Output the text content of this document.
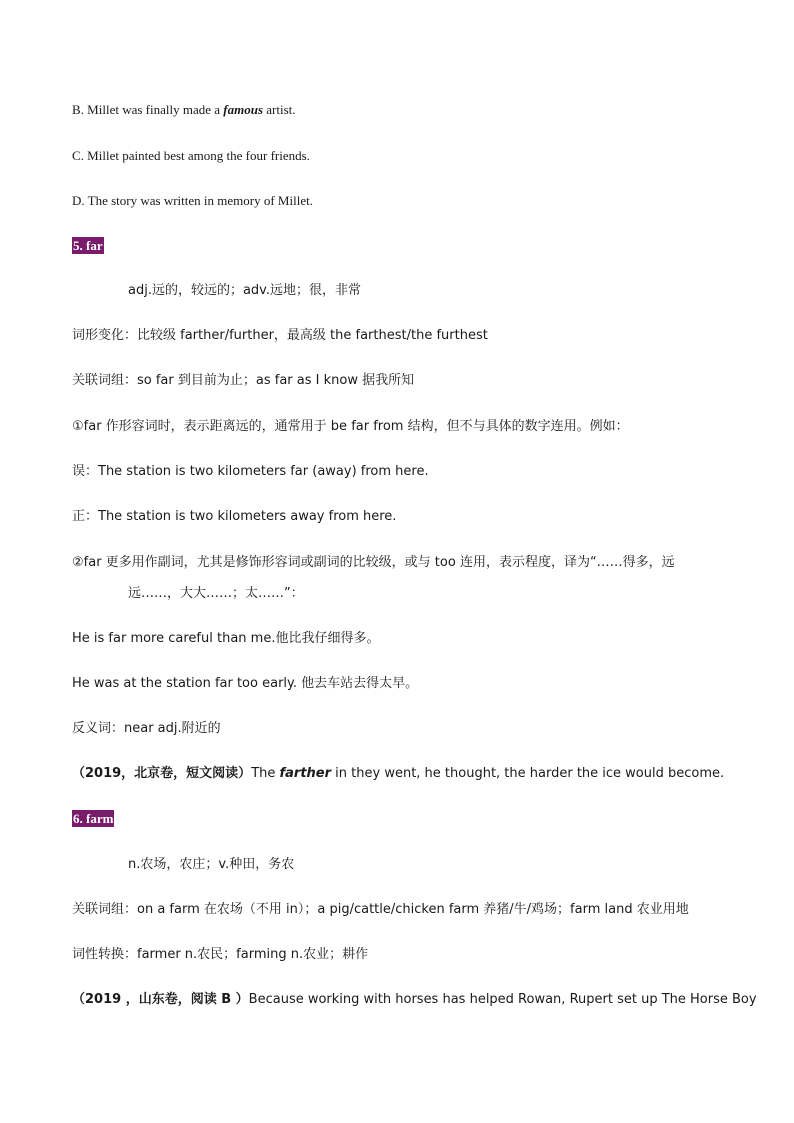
B. Millet was finally made a famous artist.
C. Millet painted best among the four friends.
D. The story was written in memory of Millet.
5. far
adj.远的，较远的；adv.远地；很，非常
词形变化：比较级 farther/further，最高级 the farthest/the furthest
关联词组：so far 到目前为止；as far as I know 据我所知
①far 作形容词时，表示距离远的，通常用于 be far from 结构，但不与具体的数字连用。例如：
误：The station is two kilometers far (away) from here.
正：The station is two kilometers away from here.
②far 更多用作副词，尤其是修饰形容词或副词的比较级，或与 too 连用，表示程度，译为“……得多，远
远……，大大……；太……”：
He is far more careful than me.他比我仔细得多。
He was at the station far too early. 他去车站去得太早。
反义词：near adj.附近的
（2019，北京卷，短文阅读）The farther in they went, he thought, the harder the ice would become.
6. farm
n.农场，农庄；v.种田，务农
关联词组：on a farm 在农场（不用 in）；a pig/cattle/chicken farm 养猪/牛/鸡场；farm land 农业用地
词性转换：farmer n.农民；farming n.农业；耕作
（2019 ，山东卷，阅读 B ）Because working with horses has helped Rowan, Rupert set up The Horse Boy
